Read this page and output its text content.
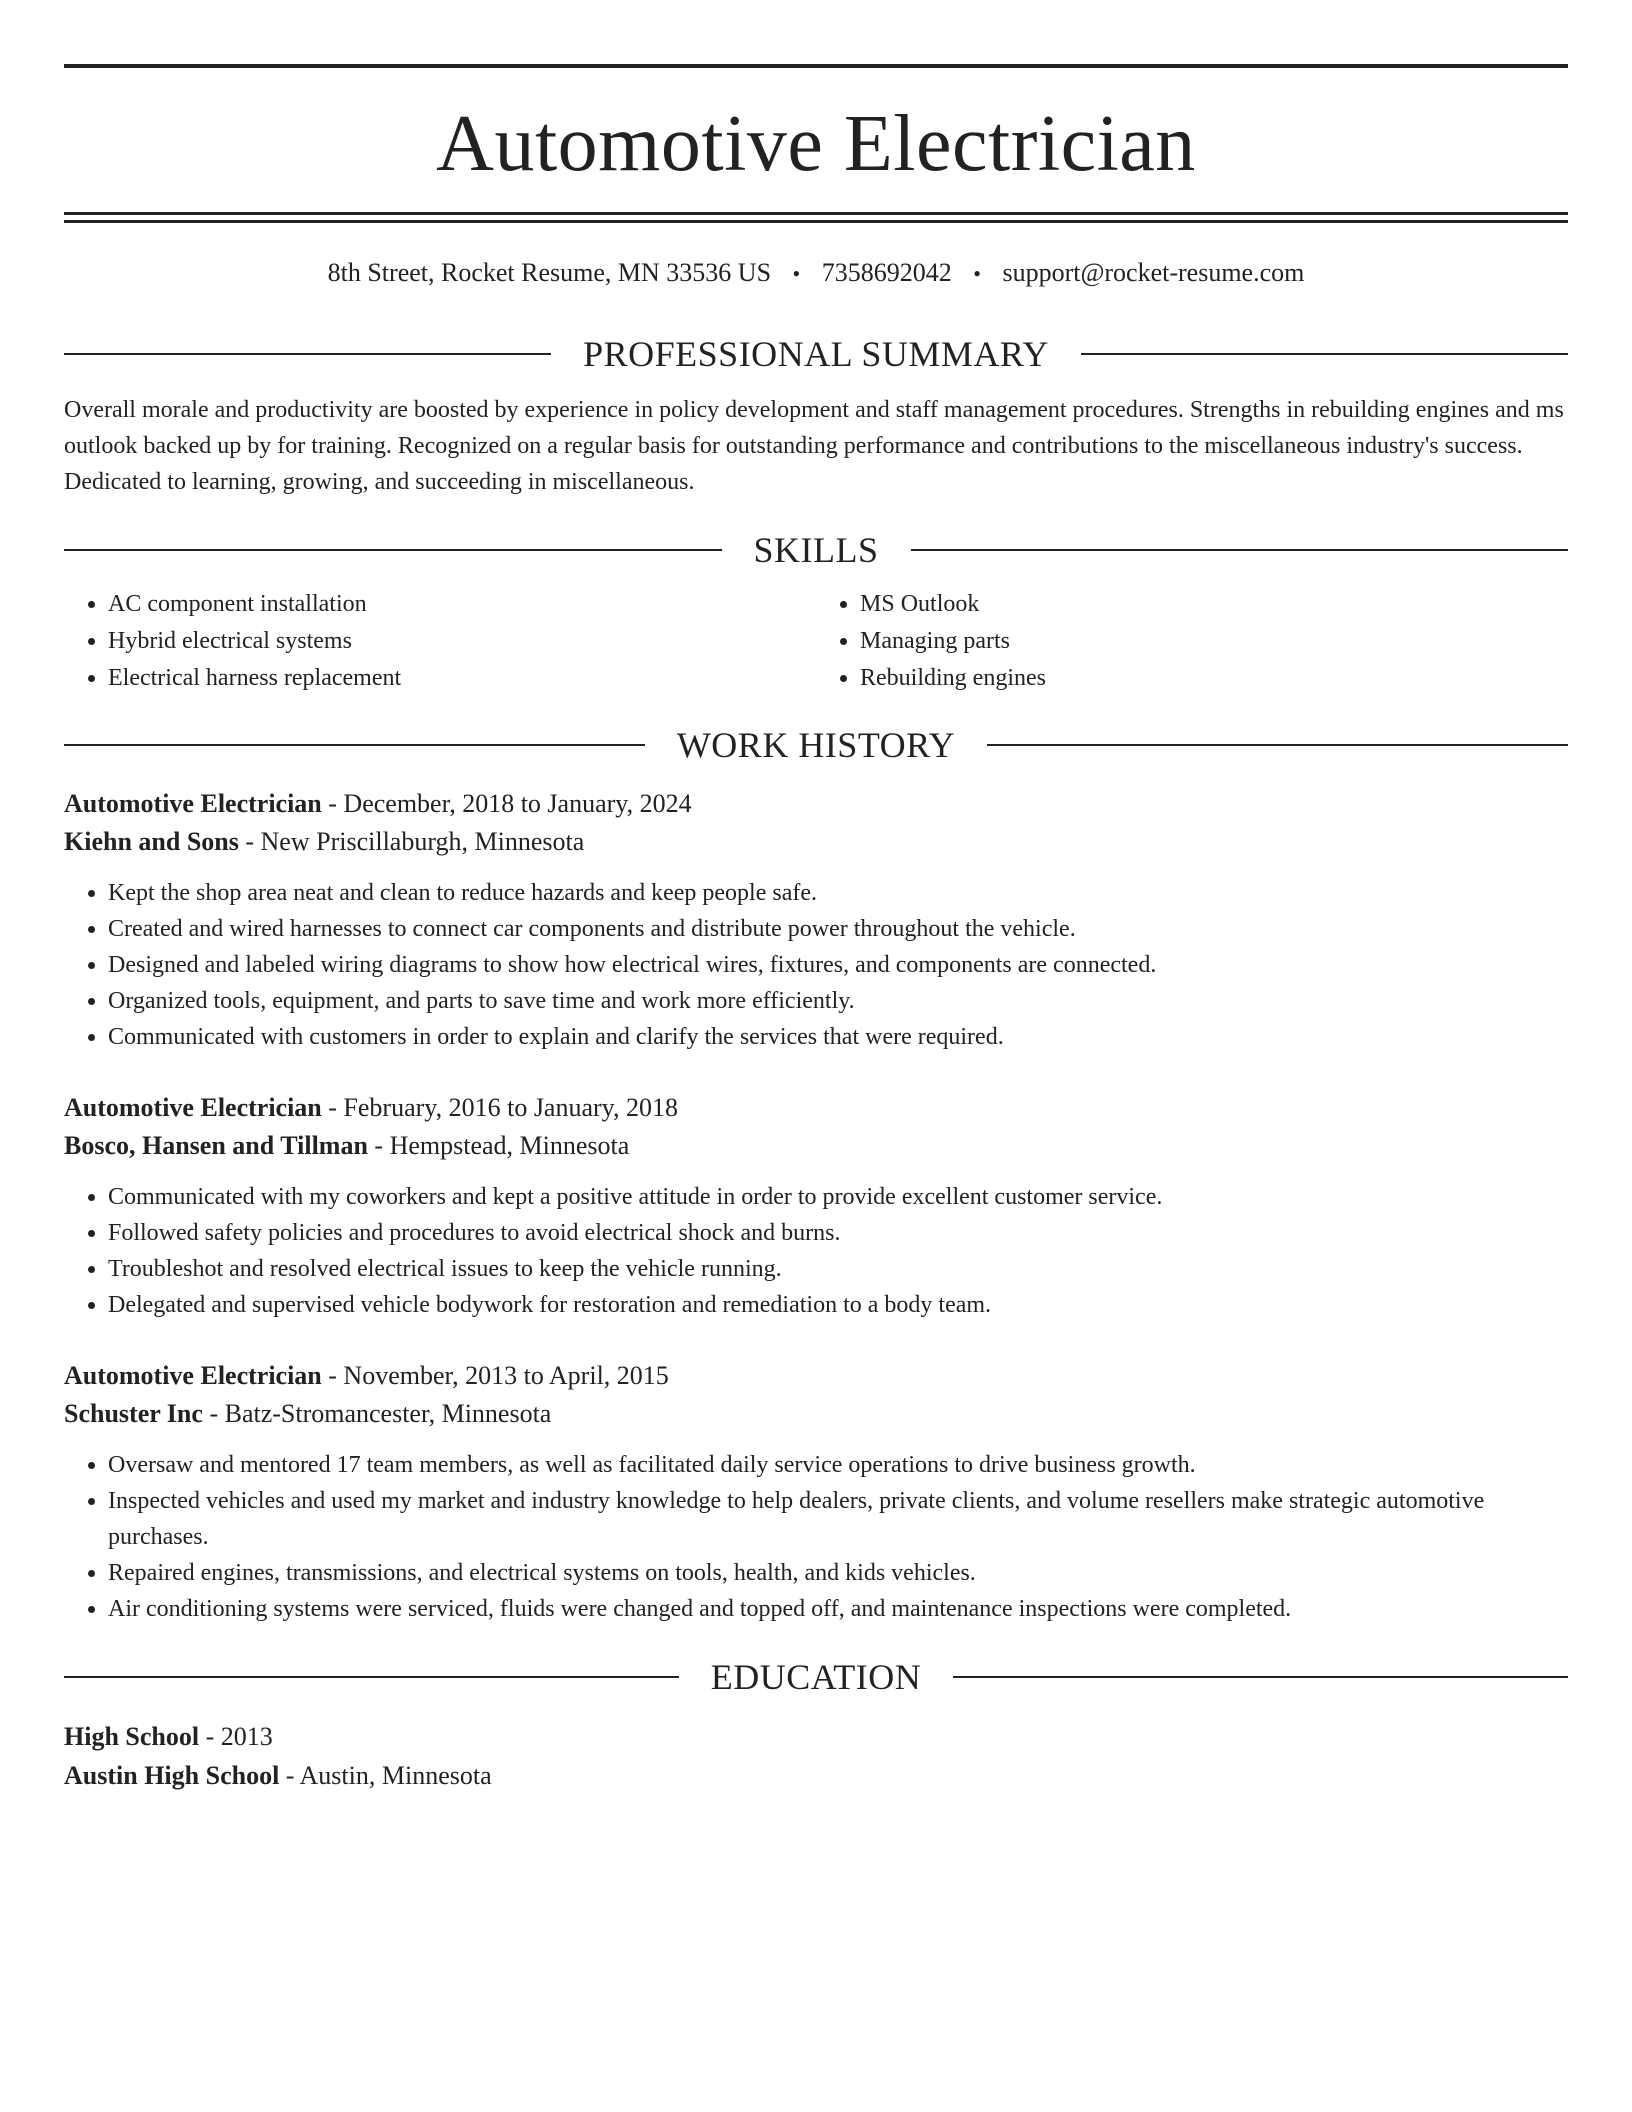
Automotive Electrician
8th Street, Rocket Resume, MN 33536 US • 7358692042 • support@rocket-resume.com
PROFESSIONAL SUMMARY

Overall morale and productivity are boosted by experience in policy development and staff management procedures. Strengths in rebuilding engines and ms outlook backed up by for training. Recognized on a regular basis for outstanding performance and contributions to the miscellaneous industry's success. Dedicated to learning, growing, and succeeding in miscellaneous.

SKILLS
• AC component installation
• Hybrid electrical systems
• Electrical harness replacement
• MS Outlook
• Managing parts
• Rebuilding engines
WORK HISTORY
Automotive Electrician - December, 2018 to January, 2024
Kiehn and Sons - New Priscillaburgh, Minnesota
• Kept the shop area neat and clean to reduce hazards and keep people safe.
• Created and wired harnesses to connect car components and distribute power throughout the vehicle.
• Designed and labeled wiring diagrams to show how electrical wires, fixtures, and components are connected.
• Organized tools, equipment, and parts to save time and work more efficiently.
• Communicated with customers in order to explain and clarify the services that were required.
Automotive Electrician - February, 2016 to January, 2018
Bosco, Hansen and Tillman - Hempstead, Minnesota
• Communicated with my coworkers and kept a positive attitude in order to provide excellent customer service.
• Followed safety policies and procedures to avoid electrical shock and burns.
• Troubleshot and resolved electrical issues to keep the vehicle running.
• Delegated and supervised vehicle bodywork for restoration and remediation to a body team.
Automotive Electrician - November, 2013 to April, 2015
Schuster Inc - Batz-Stromancester, Minnesota
• Oversaw and mentored 17 team members, as well as facilitated daily service operations to drive business growth.
• Inspected vehicles and used my market and industry knowledge to help dealers, private clients, and volume resellers make strategic automotive purchases.
• Repaired engines, transmissions, and electrical systems on tools, health, and kids vehicles.
• Air conditioning systems were serviced, fluids were changed and topped off, and maintenance inspections were completed.
EDUCATION
High School - 2013
Austin High School - Austin, Minnesota
